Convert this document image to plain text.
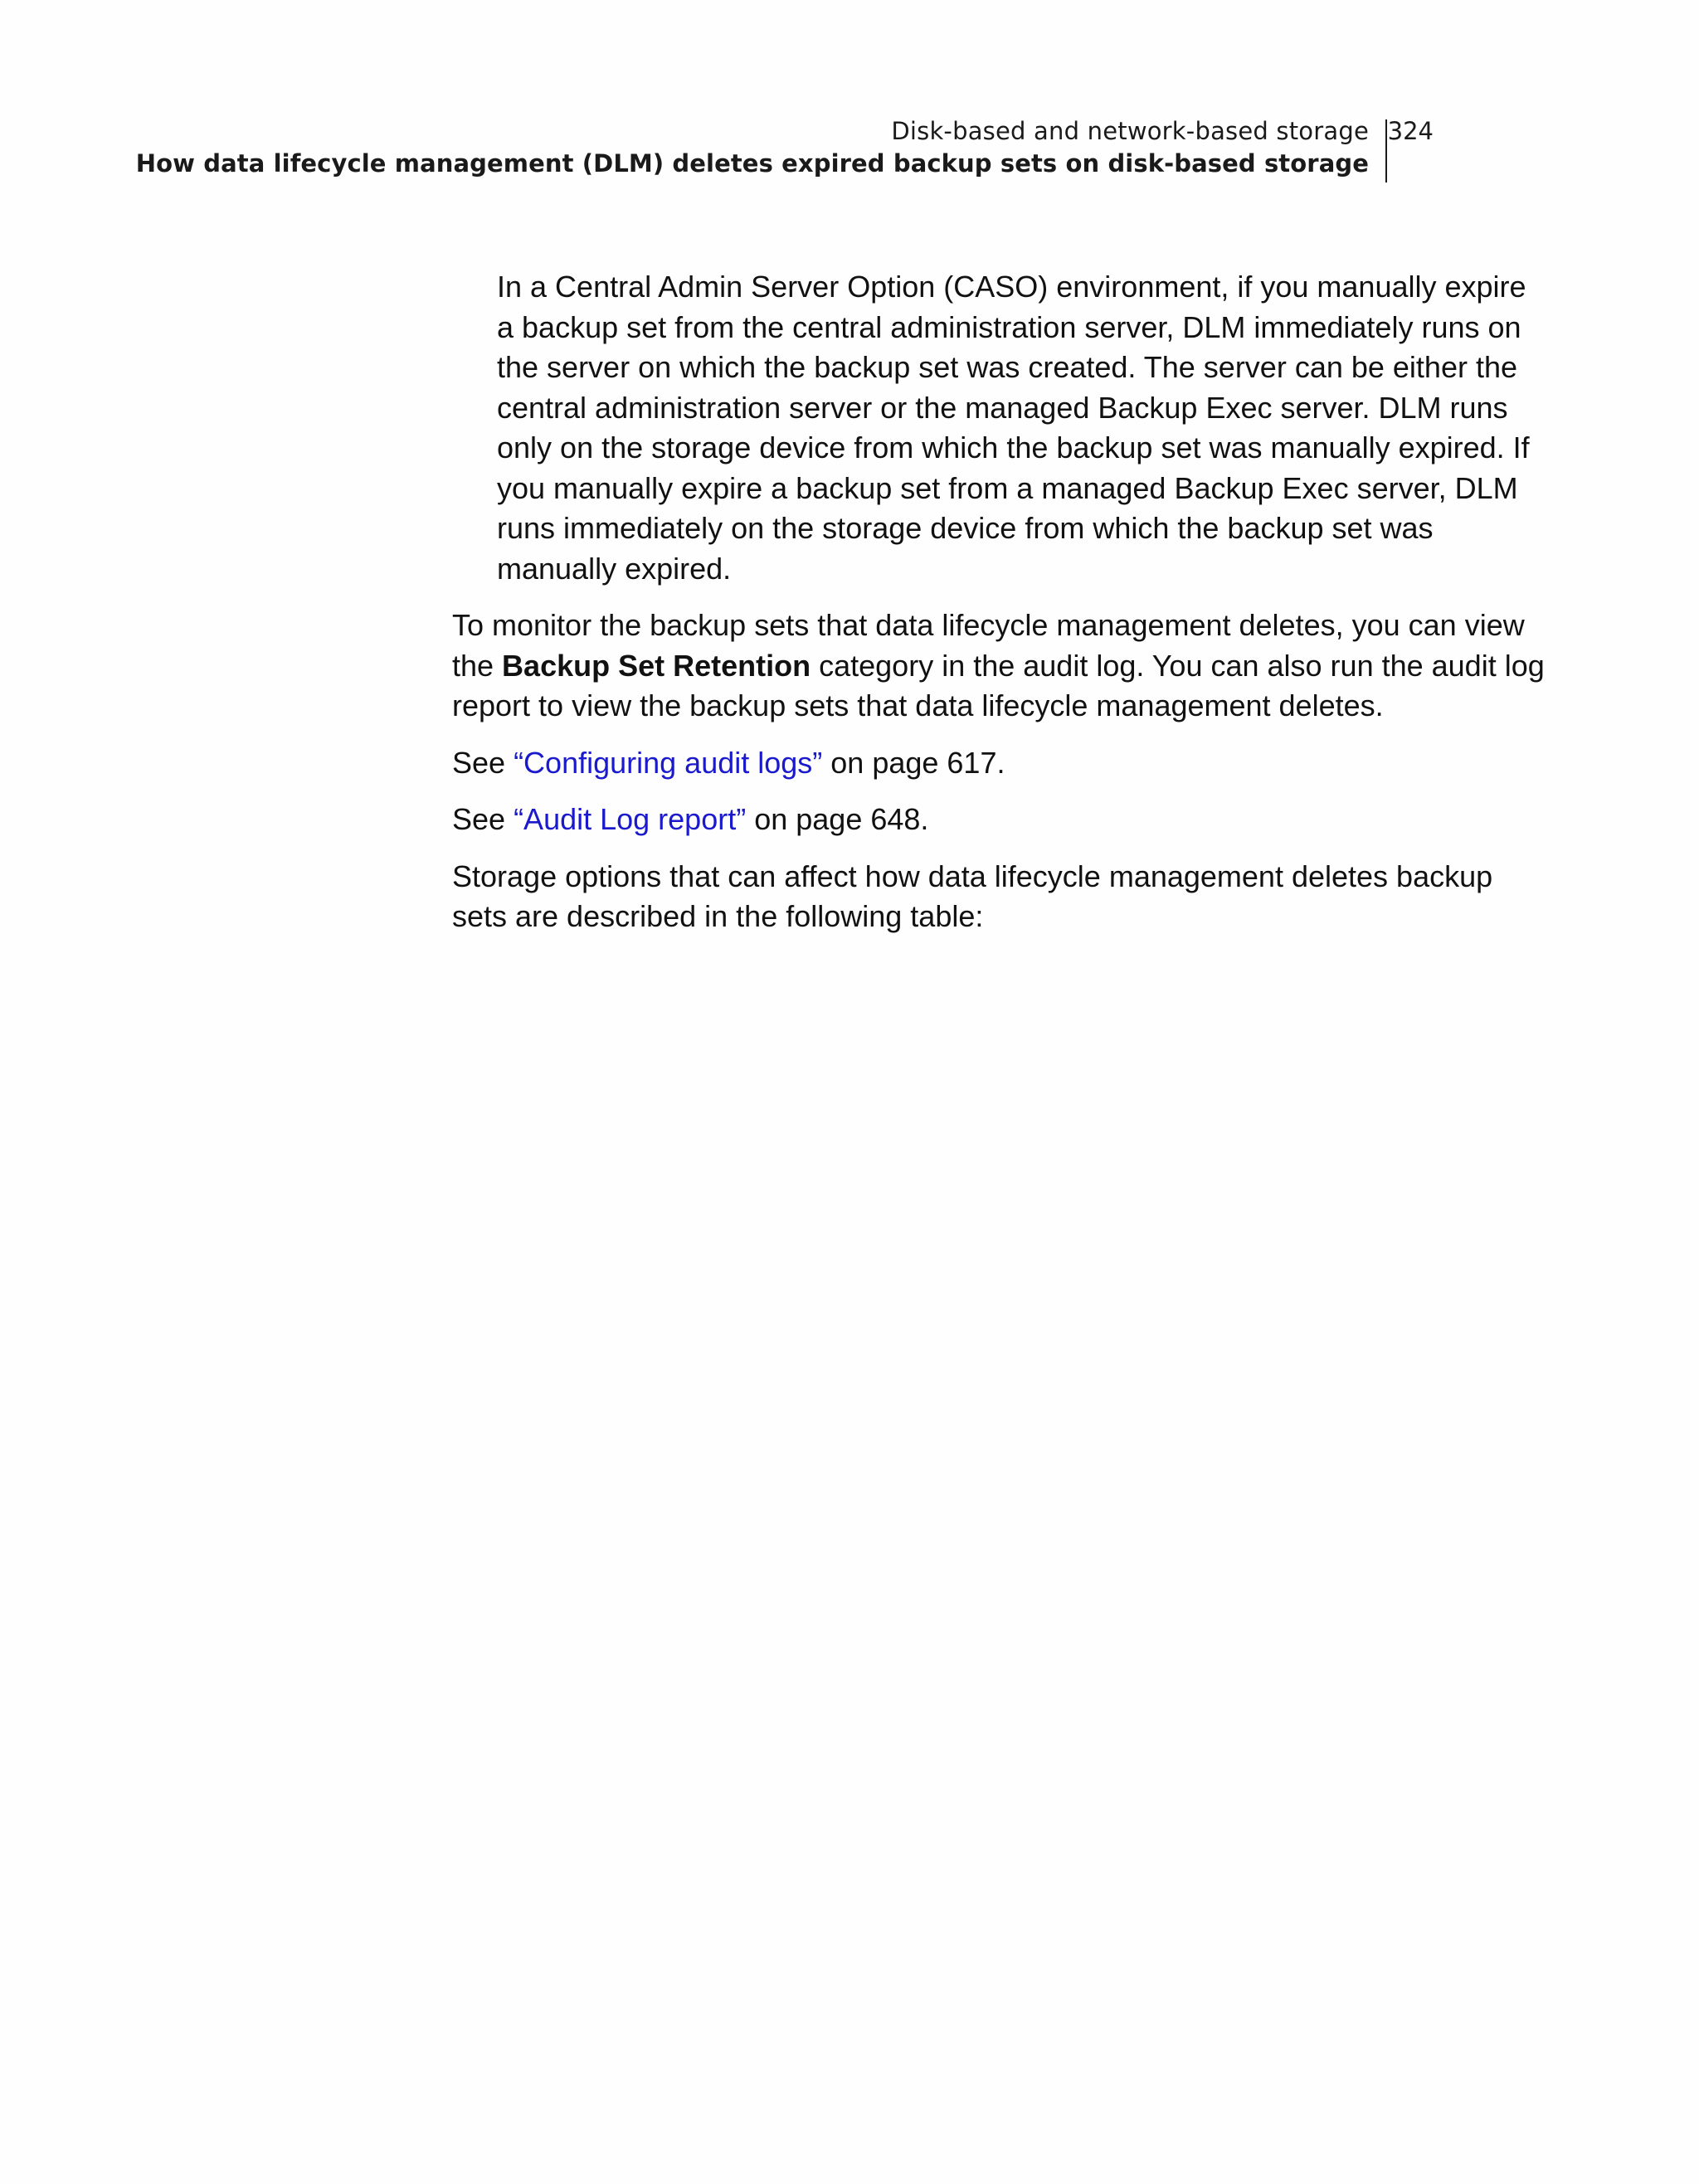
Disk-based and network-based storage
How data lifecycle management (DLM) deletes expired backup sets on disk-based storage
324

In a Central Admin Server Option (CASO) environment, if you manually expire a backup set from the central administration server, DLM immediately runs on the server on which the backup set was created. The server can be either the central administration server or the managed Backup Exec server. DLM runs only on the storage device from which the backup set was manually expired. If you manually expire a backup set from a managed Backup Exec server, DLM runs immediately on the storage device from which the backup set was manually expired.

To monitor the backup sets that data lifecycle management deletes, you can view the Backup Set Retention category in the audit log. You can also run the audit log report to view the backup sets that data lifecycle management deletes.

See “Configuring audit logs” on page 617.

See “Audit Log report” on page 648.

Storage options that can affect how data lifecycle management deletes backup sets are described in the following table:
